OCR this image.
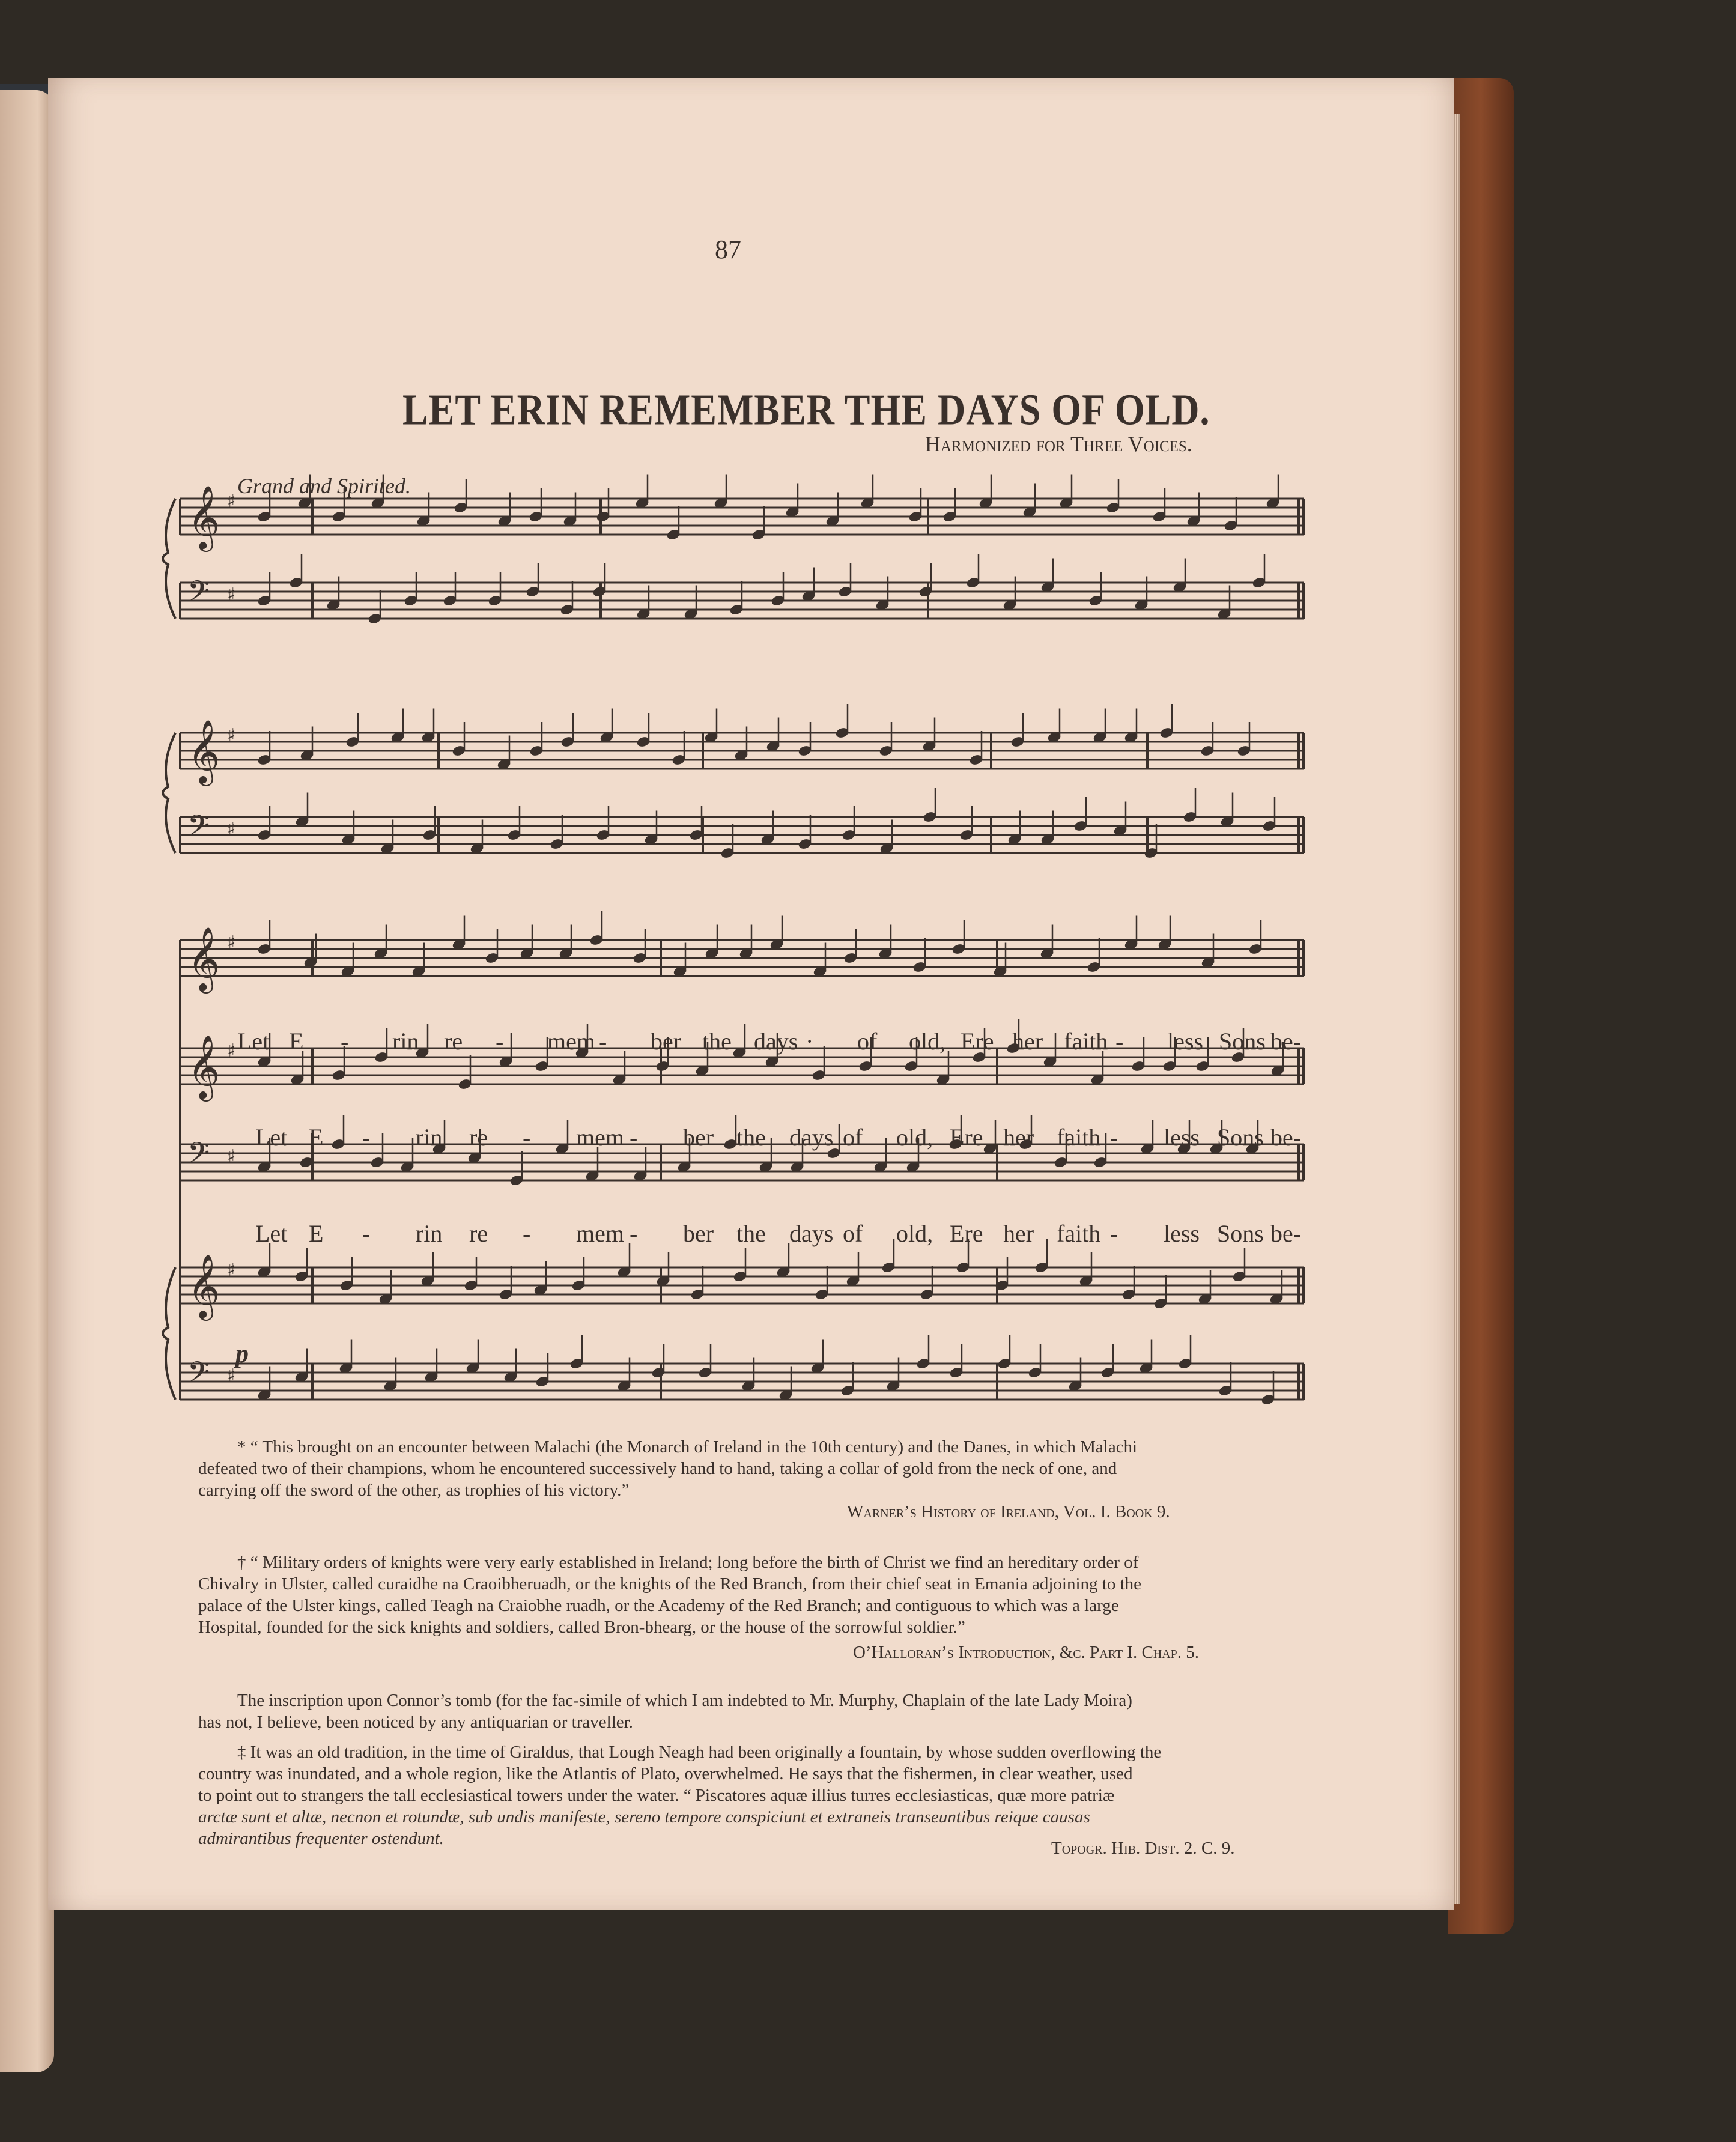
87
LET ERIN REMEMBER THE DAYS OF OLD.
Harmonized for Three Voices.
Grand and Spirited.
𝄞 ♯
𝄢 ♯
𝄞 ♯
𝄢 ♯
𝄞 ♯
𝄞 ♯
𝄢 ♯
𝄞 ♯
𝄢 ♯
p
Let E - rin re - mem - ber the days · of old, Ere her faith - less Sons be-
Let E - rin re - mem - ber the days of old, Ere her faith - less Sons be-
Let E - rin re - mem - ber the days of old, Ere her faith - less Sons be-
* “ This brought on an encounter between Malachi (the Monarch of Ireland in the 10th century) and the Danes, in which Malachi
defeated two of their champions, whom he encountered successively hand to hand, taking a collar of gold from the neck of one, and
carrying off the sword of the other, as trophies of his victory.”
Warner’s History of Ireland, Vol. I. Book 9.
† “ Military orders of knights were very early established in Ireland; long before the birth of Christ we find an hereditary order of
Chivalry in Ulster, called curaidhe na Craoibheruadh, or the knights of the Red Branch, from their chief seat in Emania adjoining to the
palace of the Ulster kings, called Teagh na Craiobhe ruadh, or the Academy of the Red Branch; and contiguous to which was a large
Hospital, founded for the sick knights and soldiers, called Bron-bhearg, or the house of the sorrowful soldier.”
O’Halloran’s Introduction, &c. Part I. Chap. 5.
The inscription upon Connor’s tomb (for the fac-simile of which I am indebted to Mr. Murphy, Chaplain of the late Lady Moira)
has not, I believe, been noticed by any antiquarian or traveller.
‡ It was an old tradition, in the time of Giraldus, that Lough Neagh had been originally a fountain, by whose sudden overflowing the
country was inundated, and a whole region, like the Atlantis of Plato, overwhelmed. He says that the fishermen, in clear weather, used
to point out to strangers the tall ecclesiastical towers under the water. “ Piscatores aquæ illius turres ecclesiasticas, quæ more patriæ
arctæ sunt et altæ, necnon et rotundæ, sub undis manifeste, sereno tempore conspiciunt et extraneis transeuntibus reique causas
admirantibus frequenter ostendunt.	Topogr. Hib. Dist. 2. C. 9.
